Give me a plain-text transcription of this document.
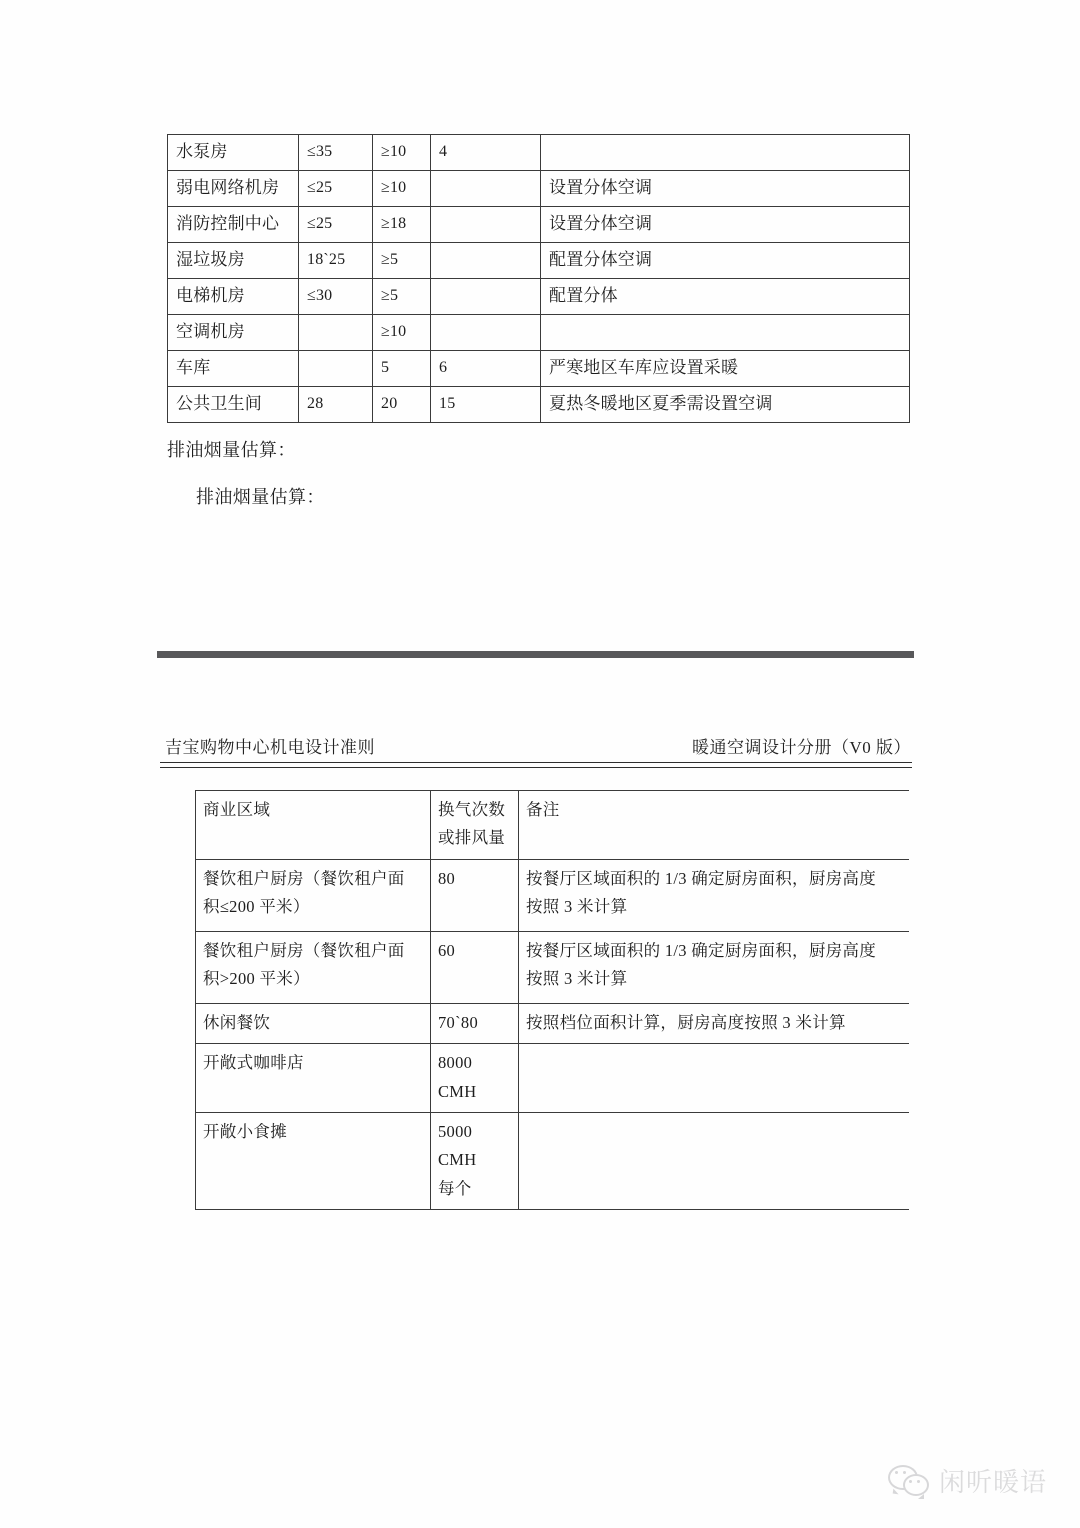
水泵房	≤35	≥10	4	
弱电网络机房	≤25	≥10		设置分体空调
消防控制中心	≤25	≥18		设置分体空调
湿垃圾房	18`25	≥5		配置分体空调
电梯机房	≤30	≥5		配置分体
空调机房		≥10		
车库		5	6	严寒地区车库应设置采暖
公共卫生间	28	20	15	夏热冬暖地区夏季需设置空调
排油烟量估算：
排油烟量估算：
吉宝购物中心机电设计准则	暖通空调设计分册（V0 版）
商业区域	换气次数
或排风量	备注

餐饮租户厨房（餐饮租户面
积≤200 平米）	80	按餐厅区域面积的 1/3 确定厨房面积，厨房高度
按照 3 米计算

餐饮租户厨房（餐饮租户面
积>200 平米）	60	按餐厅区域面积的 1/3 确定厨房面积，厨房高度
按照 3 米计算

休闲餐饮	70`80	按照档位面积计算，厨房高度按照 3 米计算
开敞式咖啡店	8000 CMH	
开敞小食摊	5000 CMH
每个	

闲听暖语
